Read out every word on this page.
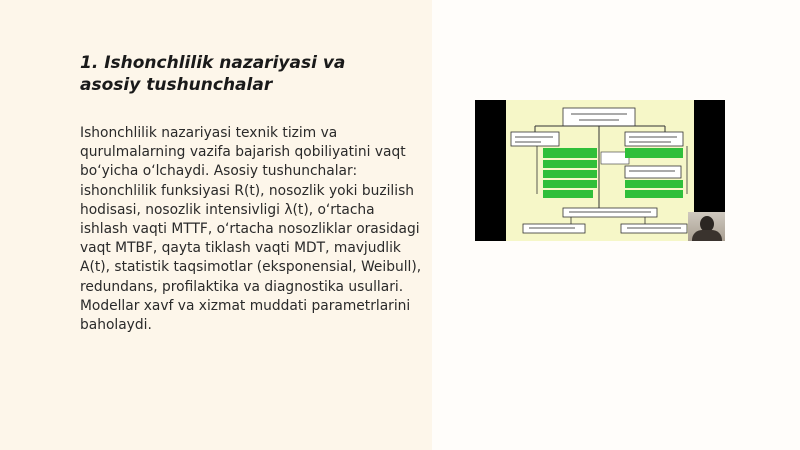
1. Ishonchlilik nazariyasi va asosiy tushunchalar

Ishonchlilik nazariyasi texnik tizim va qurulmalarning vazifa bajarish qobiliyatini vaqt bo‘yicha o‘lchaydi. Asosiy tushunchalar: ishonchlilik funksiyasi R(t), nosozlik yoki buzilish hodisasi, nosozlik intensivligi λ(t), o‘rtacha ishlash vaqti MTTF, o‘rtacha nosozliklar orasidagi vaqt MTBF, qayta tiklash vaqti MDT, mavjudlik A(t), statistik taqsimotlar (eksponensial, Weibull), redundans, profilaktika va diagnostika usullari. Modellar xavf va xizmat muddati parametrlarini baholaydi.
